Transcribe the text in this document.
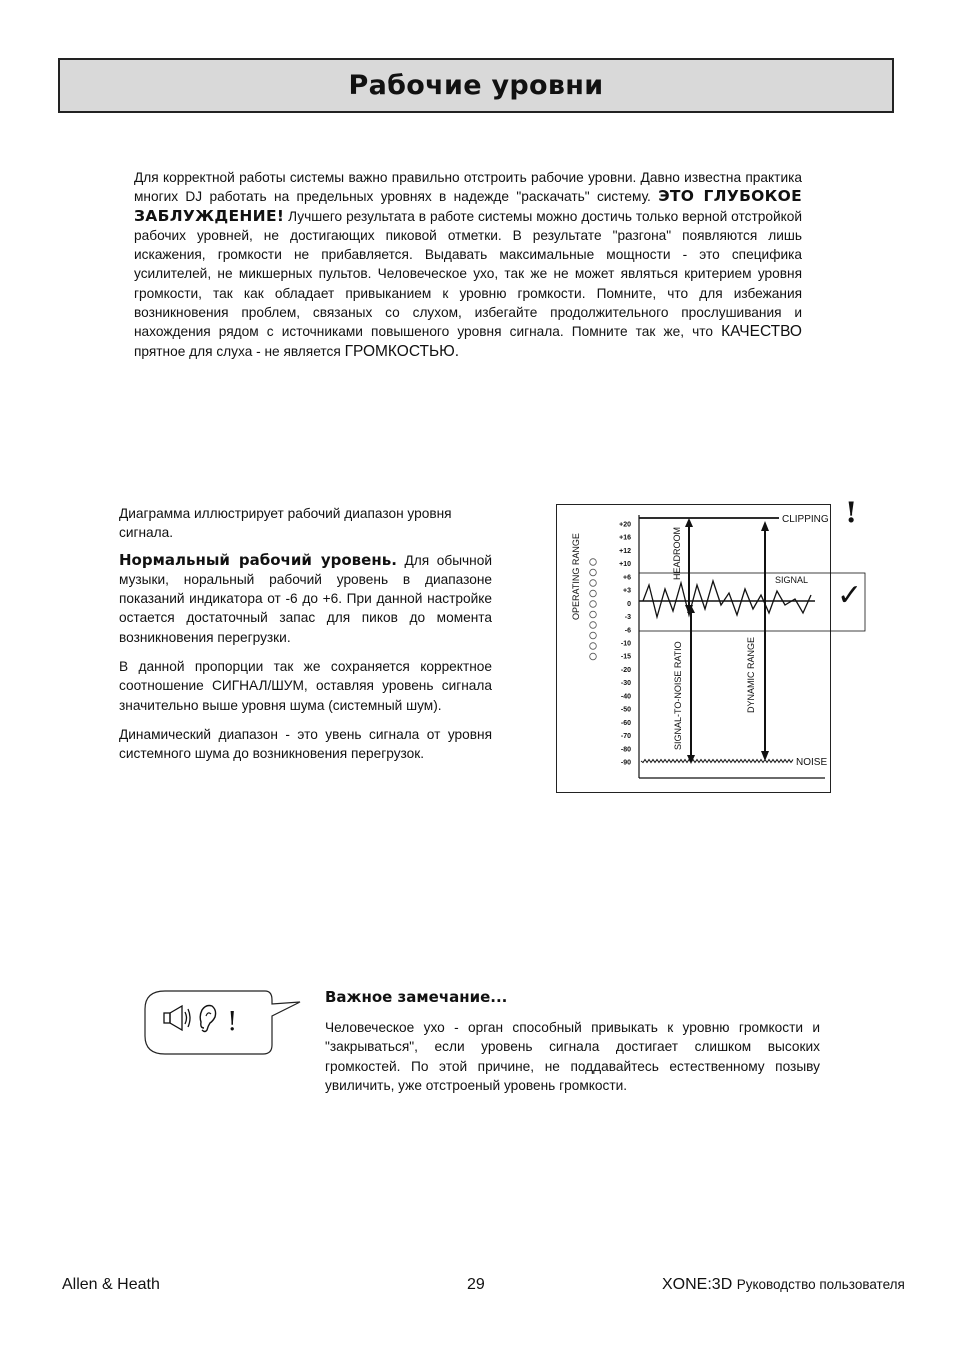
Рабочие уровни

Для корректной работы системы важно правильно отстроить рабочие уровни. Давно известна практика многих DJ работать на предельных уровнях в надежде "раскачать" систему. ЭТО ГЛУБОКОЕ ЗАБЛУЖДЕНИЕ! Лучшего результата в работе системы можно достичь только верной отстройкой рабочих уровней, не достигающих пиковой отметки. В результате "разгона" появляются лишь искажения, громкости не прибавляется. Выдавать максимальные мощности - это специфика усилителей, не микшерных пультов. Человеческое ухо, так же не может являться критерием уровня громкости, так как обладает привыканием к уровню громкости. Помните, что для избежания возникновения проблем, связаных со слухом, избегайте продолжительного прослушивания и нахождения рядом с источниками повышеного уровня сигнала. Помните так же, что КАЧЕСТВО прятное для слуха - не является ГРОМКОСТЬЮ.

Диаграмма иллюстрирует рабочий диапазон уровня сигнала.

Нормальный рабочий уровень. Для обычной музыки, норальный рабочий уровень в диапазоне показаний индикатора от -6 до +6. При данной настройке остается достаточный запас для пиков до момента возникновения перегрузки.

В данной пропорции так же сохраняется корректное соотношение СИГНАЛ/ШУМ, оставляя уровень сигнала значительно выше уровня шума (системный шум).

Динамический диапазон - это увень сигнала от уровня системного шума до возникновения перегрузок.

+20
+16
+12
+10
+6
+3
0
-3
-6
-10
-15
-20
-30
-40
-50
-60
-70
-80
-90
OPERATING RANGE
CLIPPING
HEADROOM	SIGNAL ✓
!
SIGNAL-TO-NOISE RATIO	DYNAMIC RANGE
NOISE
!
Важное замечание...

Человеческое ухо - орган способный привыкать к уровню громкости и "закрываться", если уровень сигнала достигает слишком высоких громкостей. По этой причине, не поддавайтесь естественному позыву увиличить, уже отстроеный уровень громкости.

Allen & Heath	29	XONE:3D Руководство пользователя
